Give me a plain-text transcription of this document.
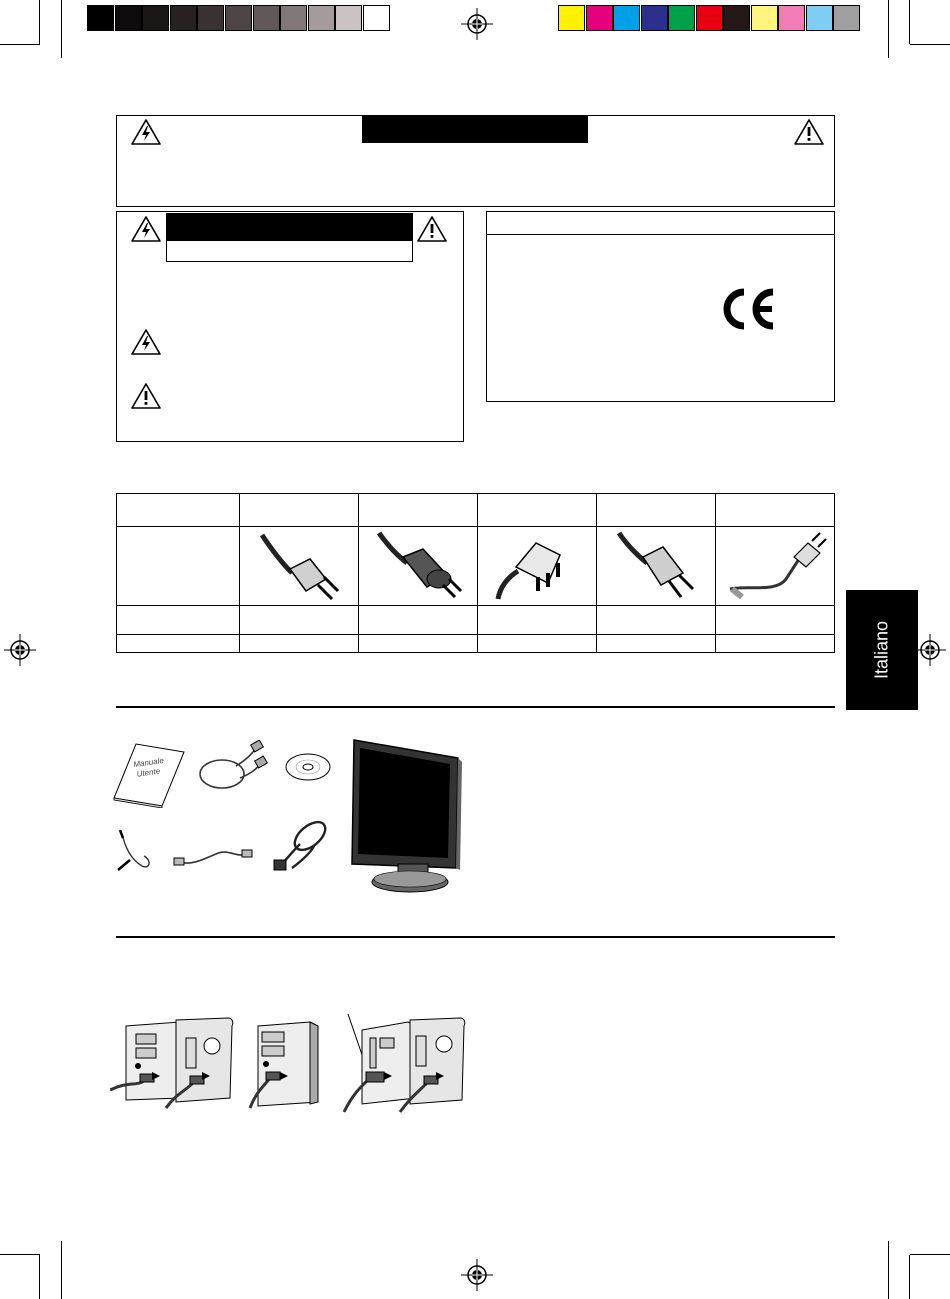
Italiano
Manuale
Utente
